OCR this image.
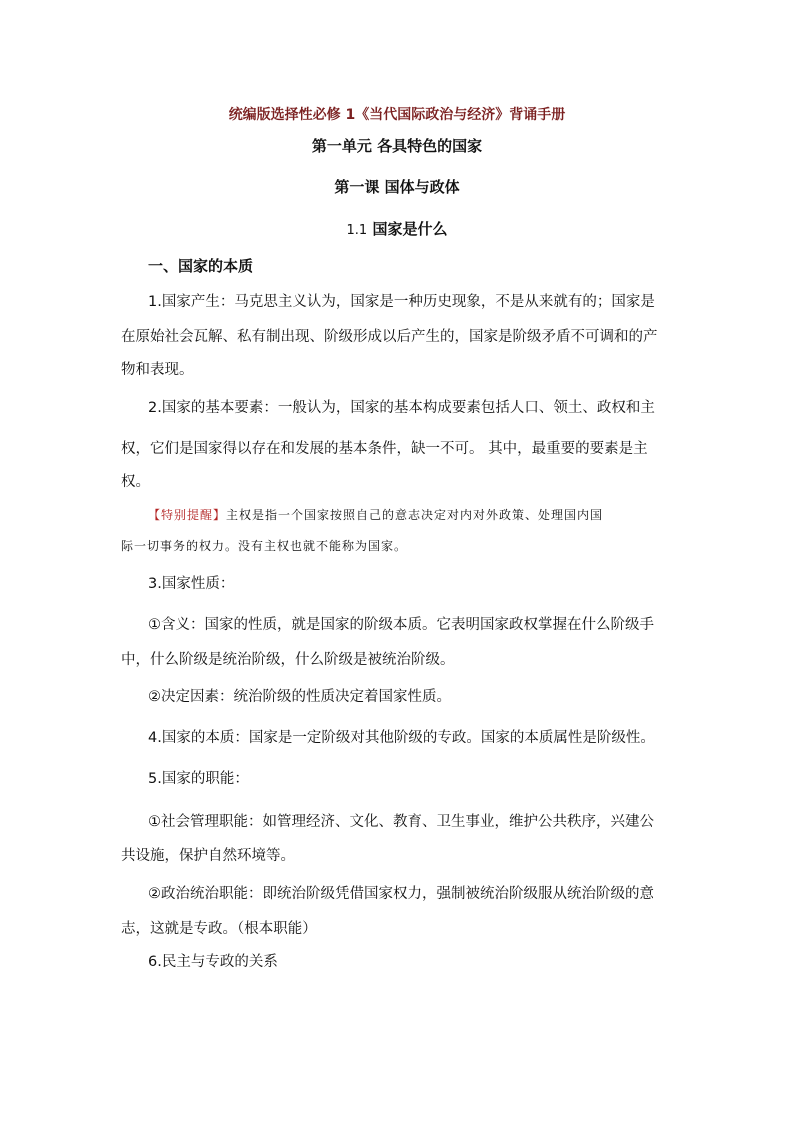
统编版选择性必修 1《当代国际政治与经济》背诵手册
第一单元 各具特色的国家
第一课 国体与政体
1.1 国家是什么
一、国家的本质
1.国家产生：马克思主义认为，国家是一种历史现象，不是从来就有的；国家是
在原始社会瓦解、私有制出现、阶级形成以后产生的，国家是阶级矛盾不可调和的产
物和表现。
2.国家的基本要素：一般认为，国家的基本构成要素包括人口、领土、政权和主
权，它们是国家得以存在和发展的基本条件，缺一不可。 其中，最重要的要素是主
权。
【特别提醒】主权是指一个国家按照自己的意志决定对内对外政策、处理国内国
际一切事务的权力。没有主权也就不能称为国家。
3.国家性质：
①含义：国家的性质，就是国家的阶级本质。它表明国家政权掌握在什么阶级手
中，什么阶级是统治阶级，什么阶级是被统治阶级。
②决定因素：统治阶级的性质决定着国家性质。
4.国家的本质：国家是一定阶级对其他阶级的专政。国家的本质属性是阶级性。
5.国家的职能：
①社会管理职能：如管理经济、文化、教育、卫生事业，维护公共秩序，兴建公
共设施，保护自然环境等。
②政治统治职能：即统治阶级凭借国家权力，强制被统治阶级服从统治阶级的意
志，这就是专政。（根本职能）
6.民主与专政的关系
